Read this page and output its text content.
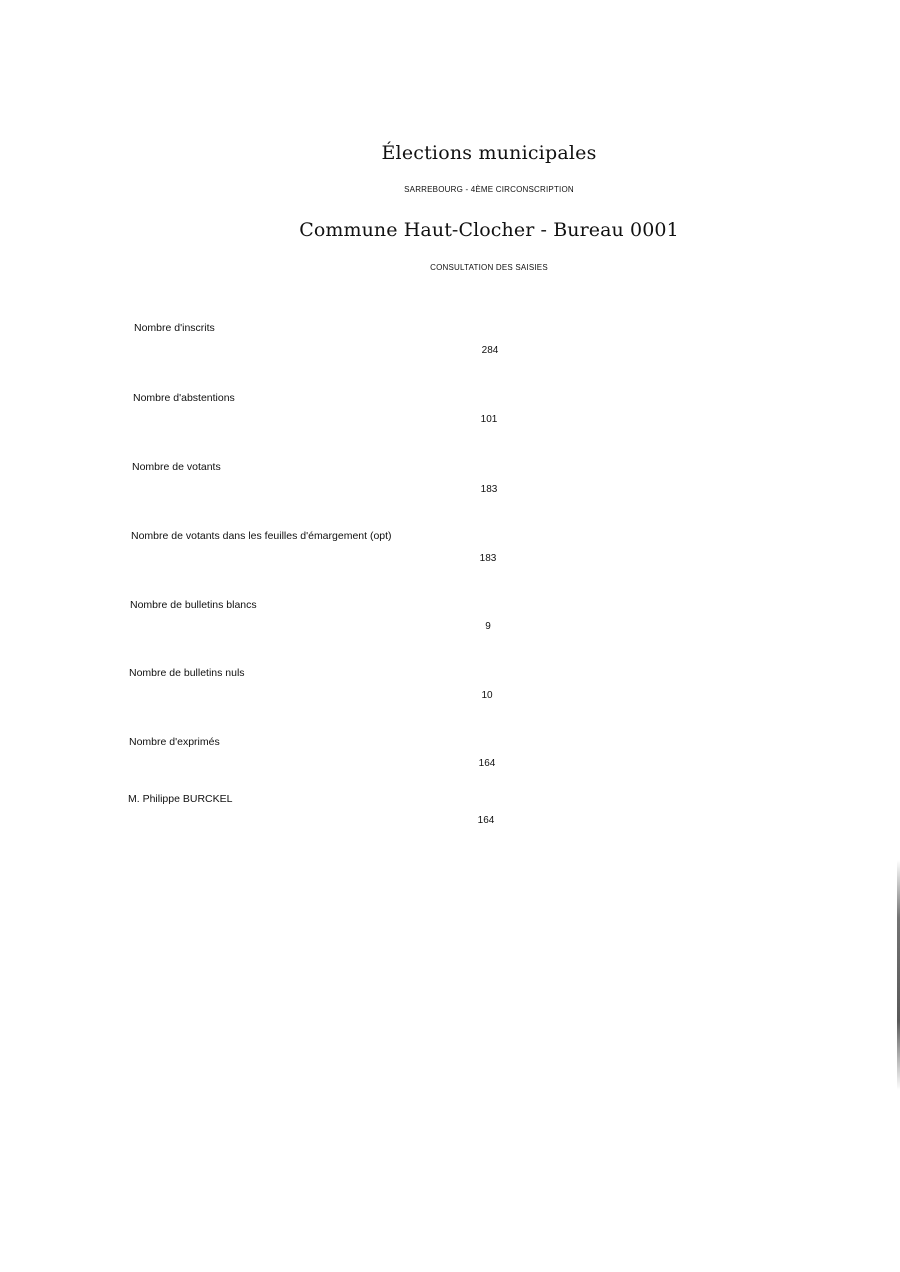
Élections municipales
SARREBOURG - 4ÈME CIRCONSCRIPTION
Commune Haut-Clocher - Bureau 0001
CONSULTATION DES SAISIES
Nombre d'inscrits
284
Nombre d'abstentions
101
Nombre de votants
183
Nombre de votants dans les feuilles d'émargement (opt)
183
Nombre de bulletins blancs
9
Nombre de bulletins nuls
10
Nombre d'exprimés
164
M. Philippe BURCKEL
164
